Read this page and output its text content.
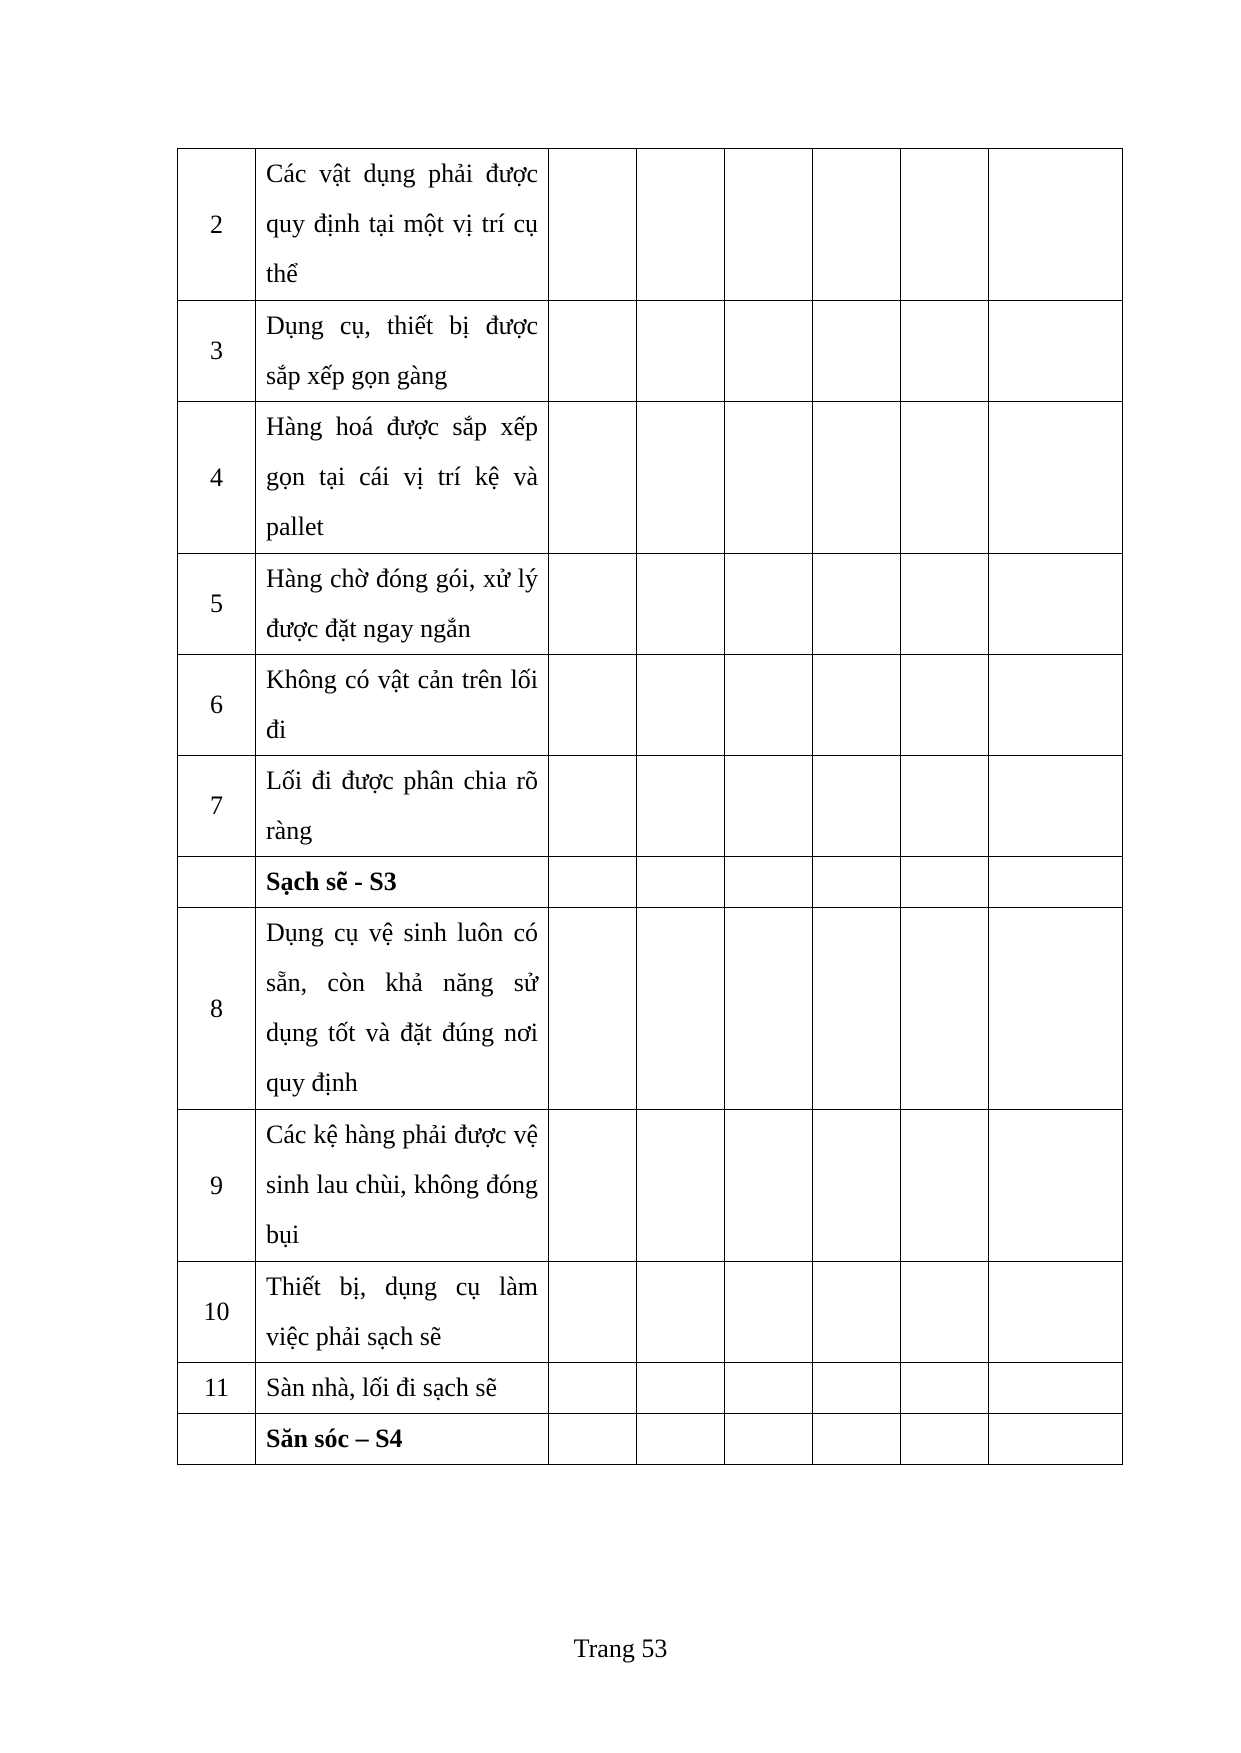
2	Các vật dụng phải được quy định tại một vị trí cụ thể						
3	Dụng cụ, thiết bị được sắp xếp gọn gàng						
4	Hàng hoá được sắp xếp gọn tại cái vị trí kệ và pallet						
5	Hàng chờ đóng gói, xử lý được đặt ngay ngắn						
6	Không có vật cản trên lối đi						
7	Lối đi được phân chia rõ ràng						
	Sạch sẽ - S3						
8	Dụng cụ vệ sinh luôn có sẵn, còn khả năng sử dụng tốt và đặt đúng nơi quy định						
9	Các kệ hàng phải được vệ sinh lau chùi, không đóng bụi						
10	Thiết bị, dụng cụ làm việc phải sạch sẽ						
11	Sàn nhà, lối đi sạch sẽ						
	Săn sóc – S4						
Trang 53
